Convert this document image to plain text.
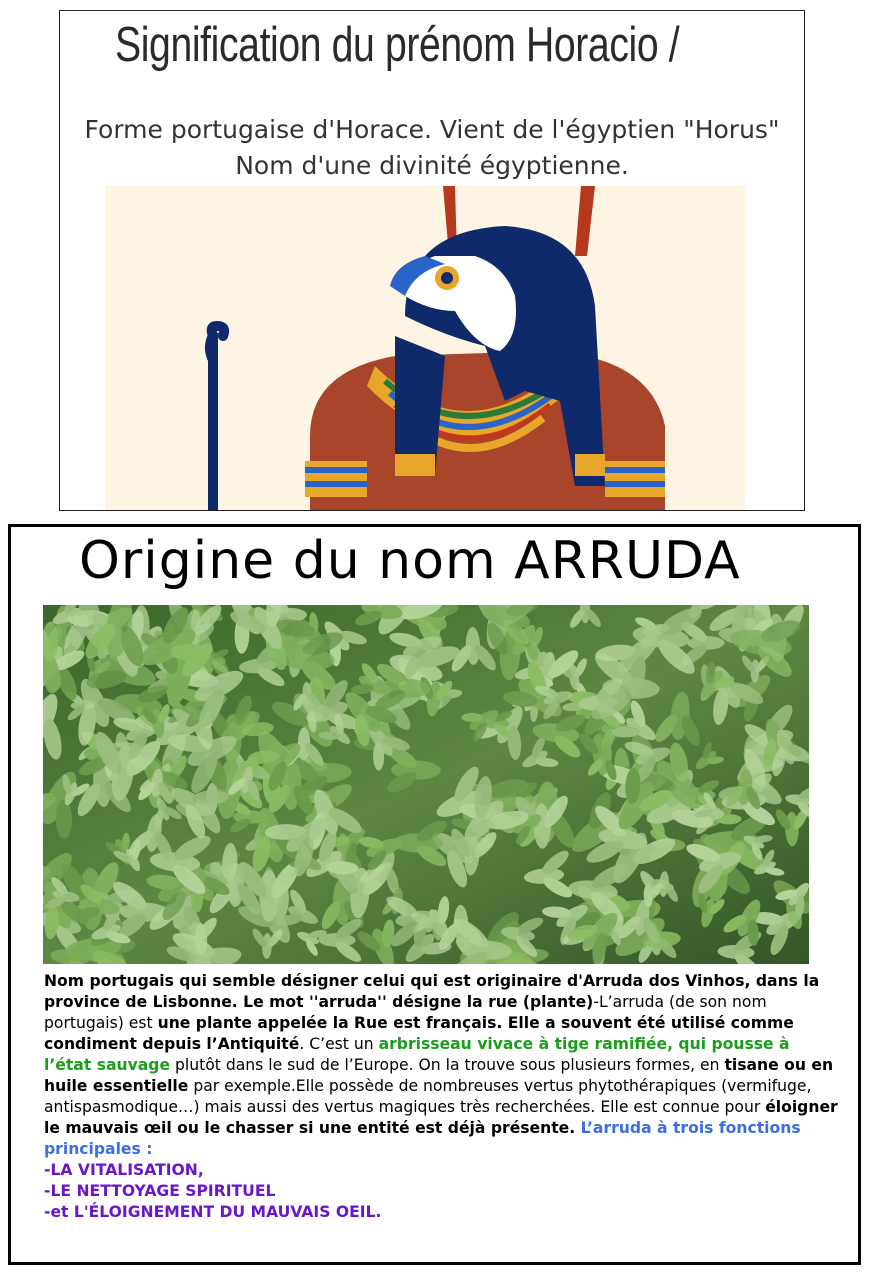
Signification du prénom Horacio /
Forme portugaise d'Horace. Vient de l'égyptien "Horus"
Nom d'une divinité égyptienne.
Origine du nom ARRUDA
Nom portugais qui semble désigner celui qui est originaire d'Arruda dos Vinhos, dans la province de Lisbonne. Le mot ''arruda'' désigne la rue (plante)-L’arruda (de son nom portugais) est une plante appelée la Rue est français. Elle a souvent été utilisé comme condiment depuis l’Antiquité. C’est un arbrisseau vivace à tige ramifiée, qui pousse à l’état sauvage plutôt dans le sud de l’Europe. On la trouve sous plusieurs formes, en tisane ou en huile essentielle par exemple.Elle possède de nombreuses vertus phytothérapiques (vermifuge, antispasmodique…) mais aussi des vertus magiques très recherchées. Elle est connue pour éloigner le mauvais œil ou le chasser si une entité est déjà présente. L’arruda à trois fonctions principales :
-LA VITALISATION,
-LE NETTOYAGE SPIRITUEL
-et L'ÉLOIGNEMENT DU MAUVAIS OEIL.
